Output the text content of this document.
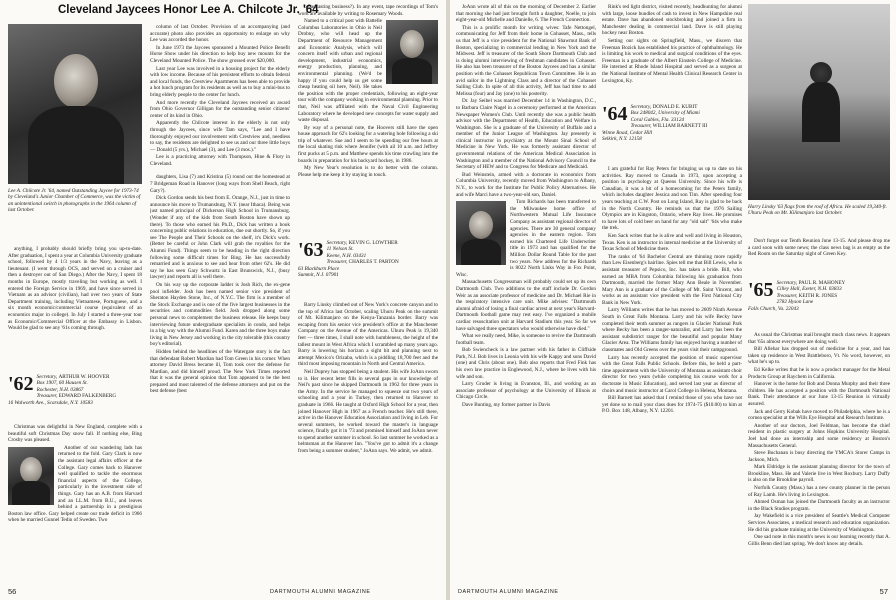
Cleveland Jaycees Honor Lee A. Chilcote Jr. '64
Lee A. Chilcote Jr. '64, named Outstanding Jaycee for 1973-74 by Cleveland's Junior Chamber of Commerce, was the victim of an unintentional switch in photographs in the 1964 column of last October.

anything, I probably should briefly bring you up-to-date. After graduation, I spent a year at Columbia University graduate school, followed by 4 1/3 years in the Navy, leaving as a lieutenant. (I went through OCS, and served on a cruiser and then a destroyer out of San Diego.) After the Navy, I spent 18 months in Europe, mostly traveling but working as well. I entered the Foreign Service in 1969, and have since served in Vietnam as an advisor (civilian), had over two years of State Department training, including Vietnamese, Portuguese, and a six month economic/commercial course (equivalent of an economics major in college). In July I started a three-year tour as Economic/Commercial Officer at the Embassy in Lisbon. Would be glad to see any '61s coming through.

'62 Secretary, ARTHUR W. HOOVER
Box 1907, 60 Hausen St.
Rochester, N.H. 03867
Treasurer, EDWARD FALKENBERG
16 Walworth Ave., Scarsdale, N.Y. 10583

Christmas was delightful in New England, complete with a beautiful soft Christmas Day snow fall. If nothing else, Bing Crosby was pleased.

Another of our wandering lads has returned to the fold. Gary Clark is now the assistant legal affairs officer at the College. Gary comes back to Hanover well qualified to tackle the enormous financial aspects of the College, particularly in the investment side of things. Gary has an A.B. from Harvard and an LL.M. from B.U., and leaves behind a partnership in a prestigious Boston law office. Gary helped create our trade deficit in 1966 when he married Gunnel Tedin of Sweden. Two

column of last October. Provision of an accompanying (and accurate) photo also provides an opportunity to enlarge on why Lee was accorded the honor.

In June 1973 the Jaycees sponsored a Mounted Police Benefit Horse Show under his direction to help buy new mounts for the Cleveland Mounted Police. The show grossed over $20,000.

Last year Lee was involved in a housing project for the elderly with low income. Because of his persistent efforts to obtain federal and local funds, the Crestview Apartments has been able to provide a hot lunch program for its residents as well as to buy a mini-bus to bring elderly people to the center for lunch.

And more recently the Cleveland Jaycees received an award from Ohio Governor Gilligan for the outstanding senior citizens' center of its kind in Ohio.

Apparently the Chilcote interest in the elderly is not only through the Jaycees, since wife Tam says, "Lee and I have thoroughly enjoyed our involvement with Crestview and, needless to say, the residents are delighted to see us and our three little boys — Donald (5 yrs.), Michael (3), and Lee (3 mos.)."

Lee is a practicing attorney with Thompson, Hine & Flory in Cleveland.

daughters, Lisa (7) and Kristina (5) round out the homestead at 7 Bridgeman Road in Hanover (long ways from Shell Beach, right Gary?).

Dick Gordon sends his best from E. Orange, N.J., just in time to announce his move to Trumansburg, N.Y. (near Ithaca). Being was just named principal of Dickerson High School in Trumansburg. (Wonder if any of the kids from South Boston have shown up there). To those who earned his Ph.D., Dick has written a book concerning public relations in education, due out shortly. So, if you see The People and Their Schools on the shelf, it's Dick's work. (Better be careful or John Clark will grab the royalties for the Alumni Fund). Things seem to be heading in the right direction following some difficult times for Bing. He has successfully remarried and is anxious to see and hear from other 62's. He did say he has seen Gary Schwartz in East Brunswick, N.J., (busy lawyer) and reports all is well there.

On his way up the corporate ladder is Josh Rich, the ex-gene pool infielder. Josh has been named senior vice president of Sheraton Hayden Stone, Inc., of N.Y.C. The firm is a member of the Stock Exchange and is one of the five largest businesses in the securities and commodities field. Josh dropped along some personal news to complement the business release. He keeps busy interviewing future undergraduate specialists in condo, and helps in a big way with the Alumni Fund. Karen and the three boys make living in New Jersey and working in the city tolerable (this country boy's editorial).

Hidden behind the headlines of the Watergate story is the fact that defendant Robert Mardian had Tom Green in his corner. When attorney David Bress became ill, Tom took over the defense for Mardian, and did himself proud. The New York Times reported that it was the general opinion that Tom appeared to be the best prepared and most talented of the defense attorneys and put on the best defense (best

broadcasting business?). In any event, tape recordings of Tom's work are available by writing to Rosemary Woods.

Named to a critical post with Battelle Columbus Laboratories in Ohio is Neil Drobny, who will head up the Department of Resource Management and Economic Analysis, which will concern itself with urban and regional development, industrial economics, energy production, planning, and environmental planning. (We'd be happy if you could help us get some cheap heating oil here, Neil). He takes the position with the proper credentials, following an eight-year tour with the company working in environmental planning. Prior to that, Neil was affiliated with the Naval Civil Engineering Laboratory where he developed new concepts for water supply and waste disposal.

By way of a personal note, the Hoovers still have the open house approach for 62's looking for a watering hole following a ski trip of whatever. Sue and I seem to be spending our free hours at the local skating rink where Jennifer (with ail 10 a.m. and Jeffrey first pucks at 5 p.m. and Matthew spends his time crawling into the boards in preparation for his backyard hockey, in 1986.

My New Year's resolution is to do better with the column. Please help me keep it by staying in touch.

'63 Secretary, KEVIN G. LOWTHER
11 Nelson St.
Keene, N.H. 03431
Treasurer, CHARLES T. PARTON
63 Blackburn Place
Summit, N.J. 07901

Barry Linsky climbed out of New York's concrete canyon and to the top of Africa last October, scaling Uhuru Peak on the summit of Mt. Kilimanjaro on the Kenya-Tanzania border. Barry was escaping from his senior vice president's office at the Manchester Company on the Avenue of the Americas. Uhuru Peak is 19,340 feet — three times, I shall note with humbleness, the height of the tallest mount in West Africa which I scrambled up many years ago. Barry is lowering his horizon a sight bit and planning next to attempt Mexico's Orizaba, which is a piddling 18,700 feet and the third most imposing mountain in North and Central America.

Neil Duprey has stopped being a student. His wife JoAnn sworn to it. Her recent letter fills in several gaps in our knowledge of Neil's past since he skipped Dartmouth in 1962 for three years in the Army. In the service he managed to squeeze out two years of schooling and a year in Turkey, then returned to Hanover to graduate in 1966. He taught at Oxford High School for a year, then joined Hanover High in 1967 as a French teacher. He's still there, active in the Hanover Education Association and living in Leb. For several summers, he worked toward the master's in language science, finally got it in '73 and promised himself and JoAnn never to spend another summer in school. So last summer he worked as a helmsman at the Hanover Inn. "You've got to admit it's a change from being a summer student," JoAnn says. We admit, we admit.

56	DARTMOUTH ALUMNI MAGAZINE

JoAnn wrote all of this on the morning of December 2. Earlier that morning she had just brought forth a daughter, Noelle, to join eight-year-old Michelle and Danielle, 6. The French Connection.

This is a prolific month for writing wives: Tafe Nettongel, communicating for Jeff from their home in Cohasset, Mass., tells us that Jeff is a vice president for the National Shawmut Bank of Boston, specializing in commercial lending in New York and the Midwest. Jeff is treasurer of the South Shore Dartmouth Club and is doing alumni interviewing of freshman candidates in Cohasset. He also has been treasurer of the Boston Jaycees and has a similar position with the Cohasset Republican Town Committee. He is an avid sailor in the Lightning Class and a director of the Cohasset Sailing Club. In spite of all this activity, Jeff has had time to add Melissa (four) and Jay (one) to his posterity.

Dr. Jay Seibel was married December 14 in Washington, D.C., to Barbara Claire Nagel in a ceremony performed at the American Newspaper Women's Club. Until recently she was a public health advisor with the Department of Health, Education and Welfare in Washington. She is a graduate of the University of Buffalo and a member of the Junior League of Washington. Jay presently is clinical instructor in psychiatry at the Mount Sinai School of Medicine in New York. He was formerly assistant director of governmental relations of the American Medical Association in Washington and a member of the National Advisory Council to the Secretary of HEW and to Congress for Medicare and Medicaid.

Bud Weinstein, armed with a doctorate in economics from Columbia University, recently moved from Washington to Albany, N.Y., to work for the Institute for Public Policy Alternatives. He and wife Marci have a two-year-old son, Daniel.

Tom Richards has been transferred to the Milwaukee home office of Northwestern Mutual Life Insurance Company as assistant regional director of agencies. There are 30 general company agencies in the eastern region. Tom earned his Chartered Life Underwriter title in 1973 and has qualified for the Million Dollar Round Table for the past two years. New address for the Richards is 8022 North Links Way in Fox Point, Wisc.

Massachusetts Congressman will probably could set up its own Dartmouth Club. Two additions to the staff include Dr. Gordon Weir as an associate professor of medicine and Dr. Michael Rie in the respiratory intensive care unit. Mike advises: "Dartmouth alumni afraid of losing a final cardiac arrest at next year's Harvard-Dartmouth football game may rest easy. I've organized a mobile cardiac resuscitation unit at Harvard Stadium this year. So far we have salvaged three spectators who would otherwise have died."

What we really need, Mike, is someone to revive the Dartmouth football team.

Bob Swiencheck is a law partner with his father in Cliffside Park, N.J. Bob lives in Leonia with his wife Kappy and sons David (one) and Chris (about one). Bob also reports that Fred Fink has his own law practice in Englewood, N.J., where he lives with his wife and son.

Larry Gruder is living in Evanston, Ill., and working as an associate professor of psychology at the University of Illinois at Chicago Circle.

Dave Bunting, my former partner in Davis

Rink's red light district, visited recently, headhunting for alumni with large, loose bundles of cash to invest in New Hampshire real estate. Dave has abandoned stockbroking and joined a firm in Manchester dealing in commercial land. Dave is still playing hockey near Boston.

Setting our sights on Springfield, Mass., we discern that Freeman Bozick has established his practice of ophthalmology. He is limiting his work to medical and surgical conditions of the eyes. Freeman is a graduate of the Albert Einstein College of Medicine. He interned at Rhode Island Hospital and served as a surgeon at the National Institute of Mental Health Clinical Research Center in Lexington, Ky.

'64 Secretary, DONALD E. KUBIT
Box 248042, University of Miami
Coral Gables, Fla. 33124
Treasurer, WILLIAM BARNETT III
Winne Road, Cedar Hill
Selkirk, N.Y. 12158

I am grateful for Ray Peters for bringing us up to date on his activities. Ray moved to Canada in 1973, upon accepting a position in psychology at Queens University. Since his wife is Canadian, it was a bit of a homecoming for the Peters family, which includes daughter Jessica and son Tim. After spending four years teaching at C.W. Post on Long Island, Ray is glad to be back in the North Country. He reminds us that the 1976 Sailing Olympics are in Kingston, Ontario, where Ray lives. He promises to have lots of cold beer on hand for any "old salt" '64s who make the trek.

Ken Sack writes that he is alive and well and living in Houston, Texas. Ken is an instructor in internal medicine at the University of Texas School of Medicine there.

The ranks of '64 Bachelor Central are thinning more rapidly than Lew Eisenberg's hairline. Spies tell me that Bill Lewis, who is assistant treasurer of Pepsico, Inc. has taken a bride. Bill, who earned an MBA from Columbia following his graduation from Dartmouth, married the former Mary Ann Beale in November. Mary Ann is a graduate of the College of Mt. Saint Vincent, and works as an assistant vice president with the First National City Bank in New York.

Larry Williams writes that he has moved to 2609 Ninth Avenue South in Great Falls Montana. Larry and his wife Becky have completed their tenth summer as rangers in Glacier National Park where Becky has been a ranger-naturalist, and Larry has been the assistant subdistrict ranger for the beautiful and popular Many Glacier Area. The Williams family has enjoyed having a number of classmates and Old Greens over the years visit their campground.

Larry has recently accepted the position of music supervisor with the Great Falls Public Schools. Before this, he held a part-time appointment with the University of Montana as assistant choir director for two years (while completing his course work for a doctorate in Music Education), and served last year as director of choirs and music instructor at Carol College in Helena, Montana.

Bill Barnett has asked that I remind those of you who have not yet done so to mail your class dues for 1974-75 ($10.00) to him at P.O. Box 148, Albany, N.Y. 12201.

Harry Linsky '63 flags from the roof of Africa. He scaled 19,340-ft. Uhuru Peak on Mt. Kilimanjaro last October.

Don't forget our Tenth Reunion June 13-15. And please drop me a card soon with some news; the class news bag is as empty as the Red Room on the Saturday night of Green Key.

'65 Secretary, PAUL R. MAHONEY
Cilley Hall, Exeter, N.H. 03833
Treasurer, KEITH R. JONES
2782 Hyson Lane
Falls Church, Va. 22043

As usual the Christmas mail brought much class news. It appears that '65s almost everywhere are doing well.

Bill Allehar has dropped out of medicine for a year, and has taken up residence in West Brattleboro, Vt. No word, however, on what he's up to.

Ed Kelke writes that he is now a product manager for the Metal Products Group at Raychem in California.

Hanover is the home for Bob and Donna Murphy and their three children. He has accepted a position with the Dartmouth National Bank. Their attendance at our June 13-15 Reunion is virtually assured.

Jack and Gerry Kobak have moved to Philadelphia, where he is a cornea specialist at the Wills Eye Hospital and Research Institute.

Another of our doctors, Joel Feldman, has become the chief resident in plastic surgery at Johns Hopkins University Hospital. Joel had done an internship and some residency at Boston's Massachusetts General.

Steve Buchanan is busy directing the YMCA's Storer Camps in Jackson, Mich.

Mark Eldridge is the assistant planning director for the town of Brookline, Mass. He and Valerie live in West Roxbury. Larry Duffy is also on the Brookline payroll.

Norfolk County (Mass.) has a new county planner in the person of Ray Lamb. He's living in Lexington.

Ahmed Osman has joined the Dartmouth faculty as an instructor in the Black Studies program.

Jay Wakefield is a vice president of Seattle's Medical Computer Services Associates, a medical research and education organization. He did his graduate training at the University of Washington.

One sad note in this month's news is our learning recently that A. Gillis Benn died last spring. We don't know any details.

DARTMOUTH ALUMNI MAGAZINE	57
